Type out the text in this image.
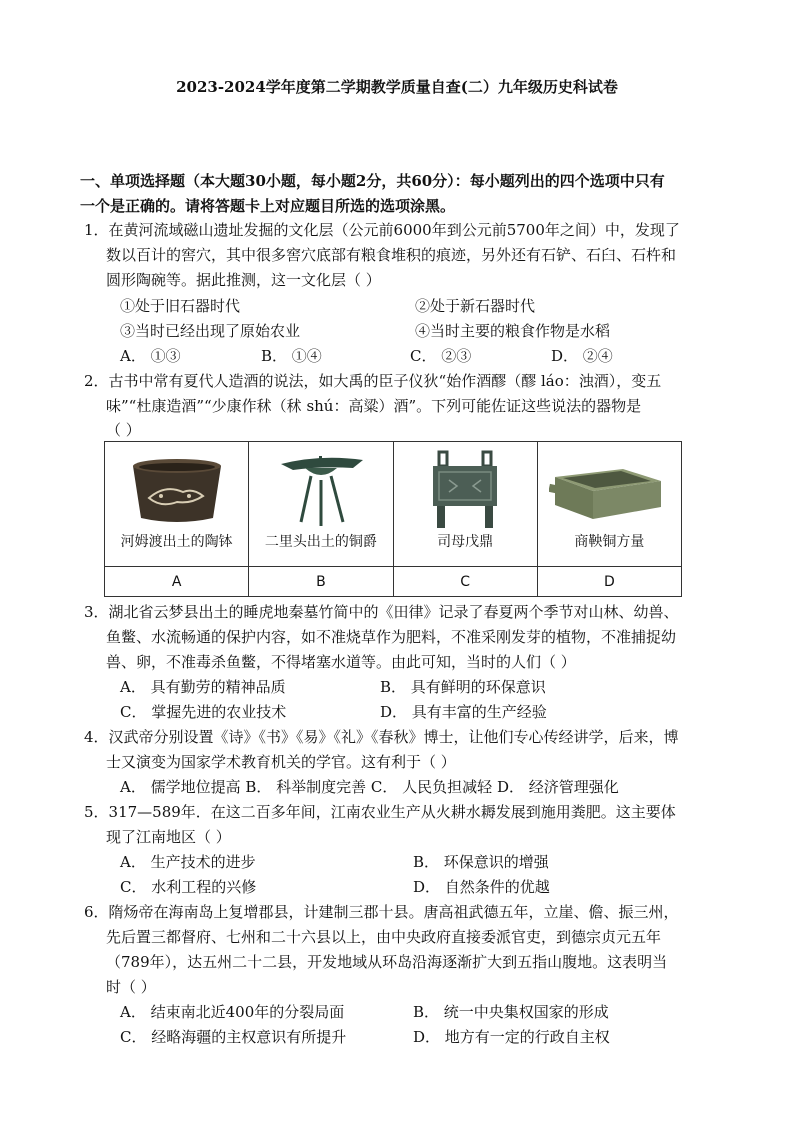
2023-2024学年度第二学期教学质量自查(二）九年级历史科试卷
一、单项选择题（本大题30小题，每小题2分，共60分）：每小题列出的四个选项中只有
一个是正确的。请将答题卡上对应题目所选的选项涂黑。
1．在黄河流域磁山遗址发掘的文化层（公元前6000年到公元前5700年之间）中，发现了
数以百计的窖穴，其中很多窖穴底部有粮食堆积的痕迹，另外还有石铲、石臼、石杵和
圆形陶碗等。据此推测，这一文化层（ ）
①处于旧石器时代	②处于新石器时代
③当时已经出现了原始农业	④当时主要的粮食作物是水稻
A． ①③	B． ①④	C． ②③	D． ②④
2．古书中常有夏代人造酒的说法，如大禹的臣子仪狄“始作酒醪（醪 láo：浊酒），变五
味”“杜康造酒”“少康作秫（秫 shú：高粱）酒”。下列可能佐证这些说法的器物是
（ ）
河姆渡出土的陶钵	二里头出土的铜爵	司母戊鼎	商鞅铜方量

A	B	C	D
3．湖北省云梦县出土的睡虎地秦墓竹简中的《田律》记录了春夏两个季节对山林、幼兽、
鱼鳖、水流畅通的保护内容，如不准烧草作为肥料，不准采刚发芽的植物，不准捕捉幼
兽、卵，不准毒杀鱼鳖，不得堵塞水道等。由此可知，当时的人们（ ）
A． 具有勤劳的精神品质	B． 具有鲜明的环保意识
C． 掌握先进的农业技术	D． 具有丰富的生产经验
4．汉武帝分别设置《诗》《书》《易》《礼》《春秋》博士，让他们专心传经讲学，后来，博
士又演变为国家学术教育机关的学官。这有利于（ ）
A． 儒学地位提高 B． 科举制度完善 C． 人民负担减轻 D． 经济管理强化
5．317—589年．在这二百多年间，江南农业生产从火耕水耨发展到施用粪肥。这主要体
现了江南地区（ ）
A． 生产技术的进步	B． 环保意识的增强
C． 水利工程的兴修	D． 自然条件的优越
6．隋炀帝在海南岛上复增郡县，计建制三郡十县。唐高祖武德五年，立崖、儋、振三州，
先后置三都督府、七州和二十六县以上，由中央政府直接委派官吏，到德宗贞元五年
（789年），达五州二十二县，开发地域从环岛沿海逐渐扩大到五指山腹地。这表明当
时（ ）
A． 结束南北近400年的分裂局面	B． 统一中央集权国家的形成
C． 经略海疆的主权意识有所提升	D． 地方有一定的行政自主权
